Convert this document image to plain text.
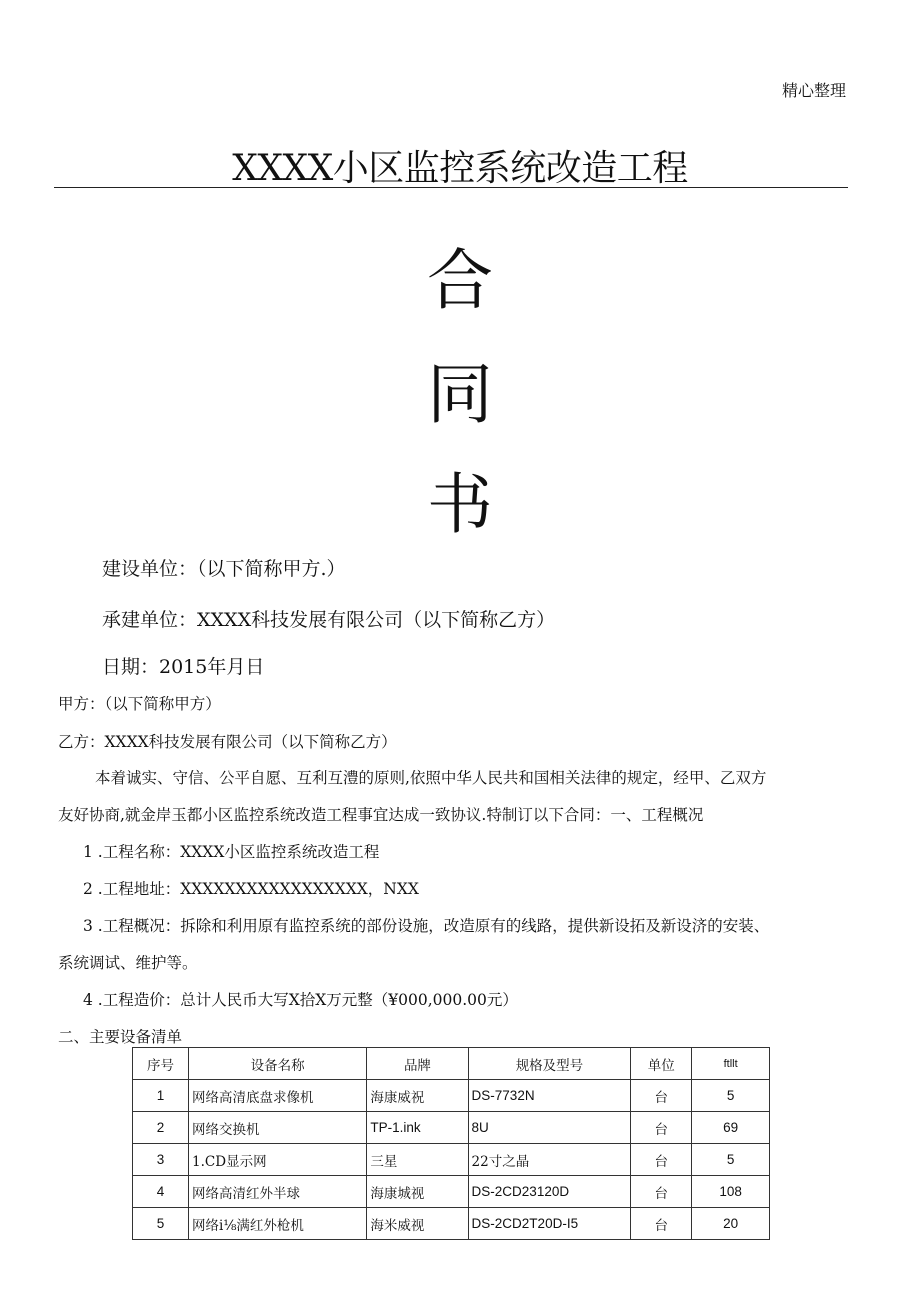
精心整理
XXXX小区监控系统改造工程
合
同
书
建设单位：（以下简称甲方.）
承建单位：XXXX科技发展有限公司（以下简称乙方）
日期：2015年月日
甲方：（以下简称甲方）
乙方：XXXX科技发展有限公司（以下简称乙方）
本着诚实、守信、公平自愿、互利互澧的原则,依照中华人民共和国相关法律的规定，经甲、乙双方
友好协商,就金岸玉都小区监控系统改造工程事宜达成一致协议.特制订以下合同：一、工程概况
1 .工程名称：XXXX小区监控系统改造工程
2 .工程地址：XXXXXXXXXXXXXXXXX，NXX
3 .工程概况：拆除和利用原有监控系统的部份设施，改造原有的线路，提供新设拓及新设济的安装、
系统调试、维护等。
4 .工程造价：总计人民币大写X拾X万元整（¥000,000.00元）
二、主要设备清单
序号	设备名称	品牌	规格及型号	单位	ftllt
1	网络高清底盘求像机	海康威祝	DS-7732N	台	5
2	网络交换机	TP-1.ink	8U	台	69
3	1.CD显示网	三星	22寸之晶	台	5
4	网络高清红外半球	海康城视	DS-2CD23120D	台	108
5	网络i⅛满红外枪机	海米威视	DS-2CD2T20D-I5	台	20
